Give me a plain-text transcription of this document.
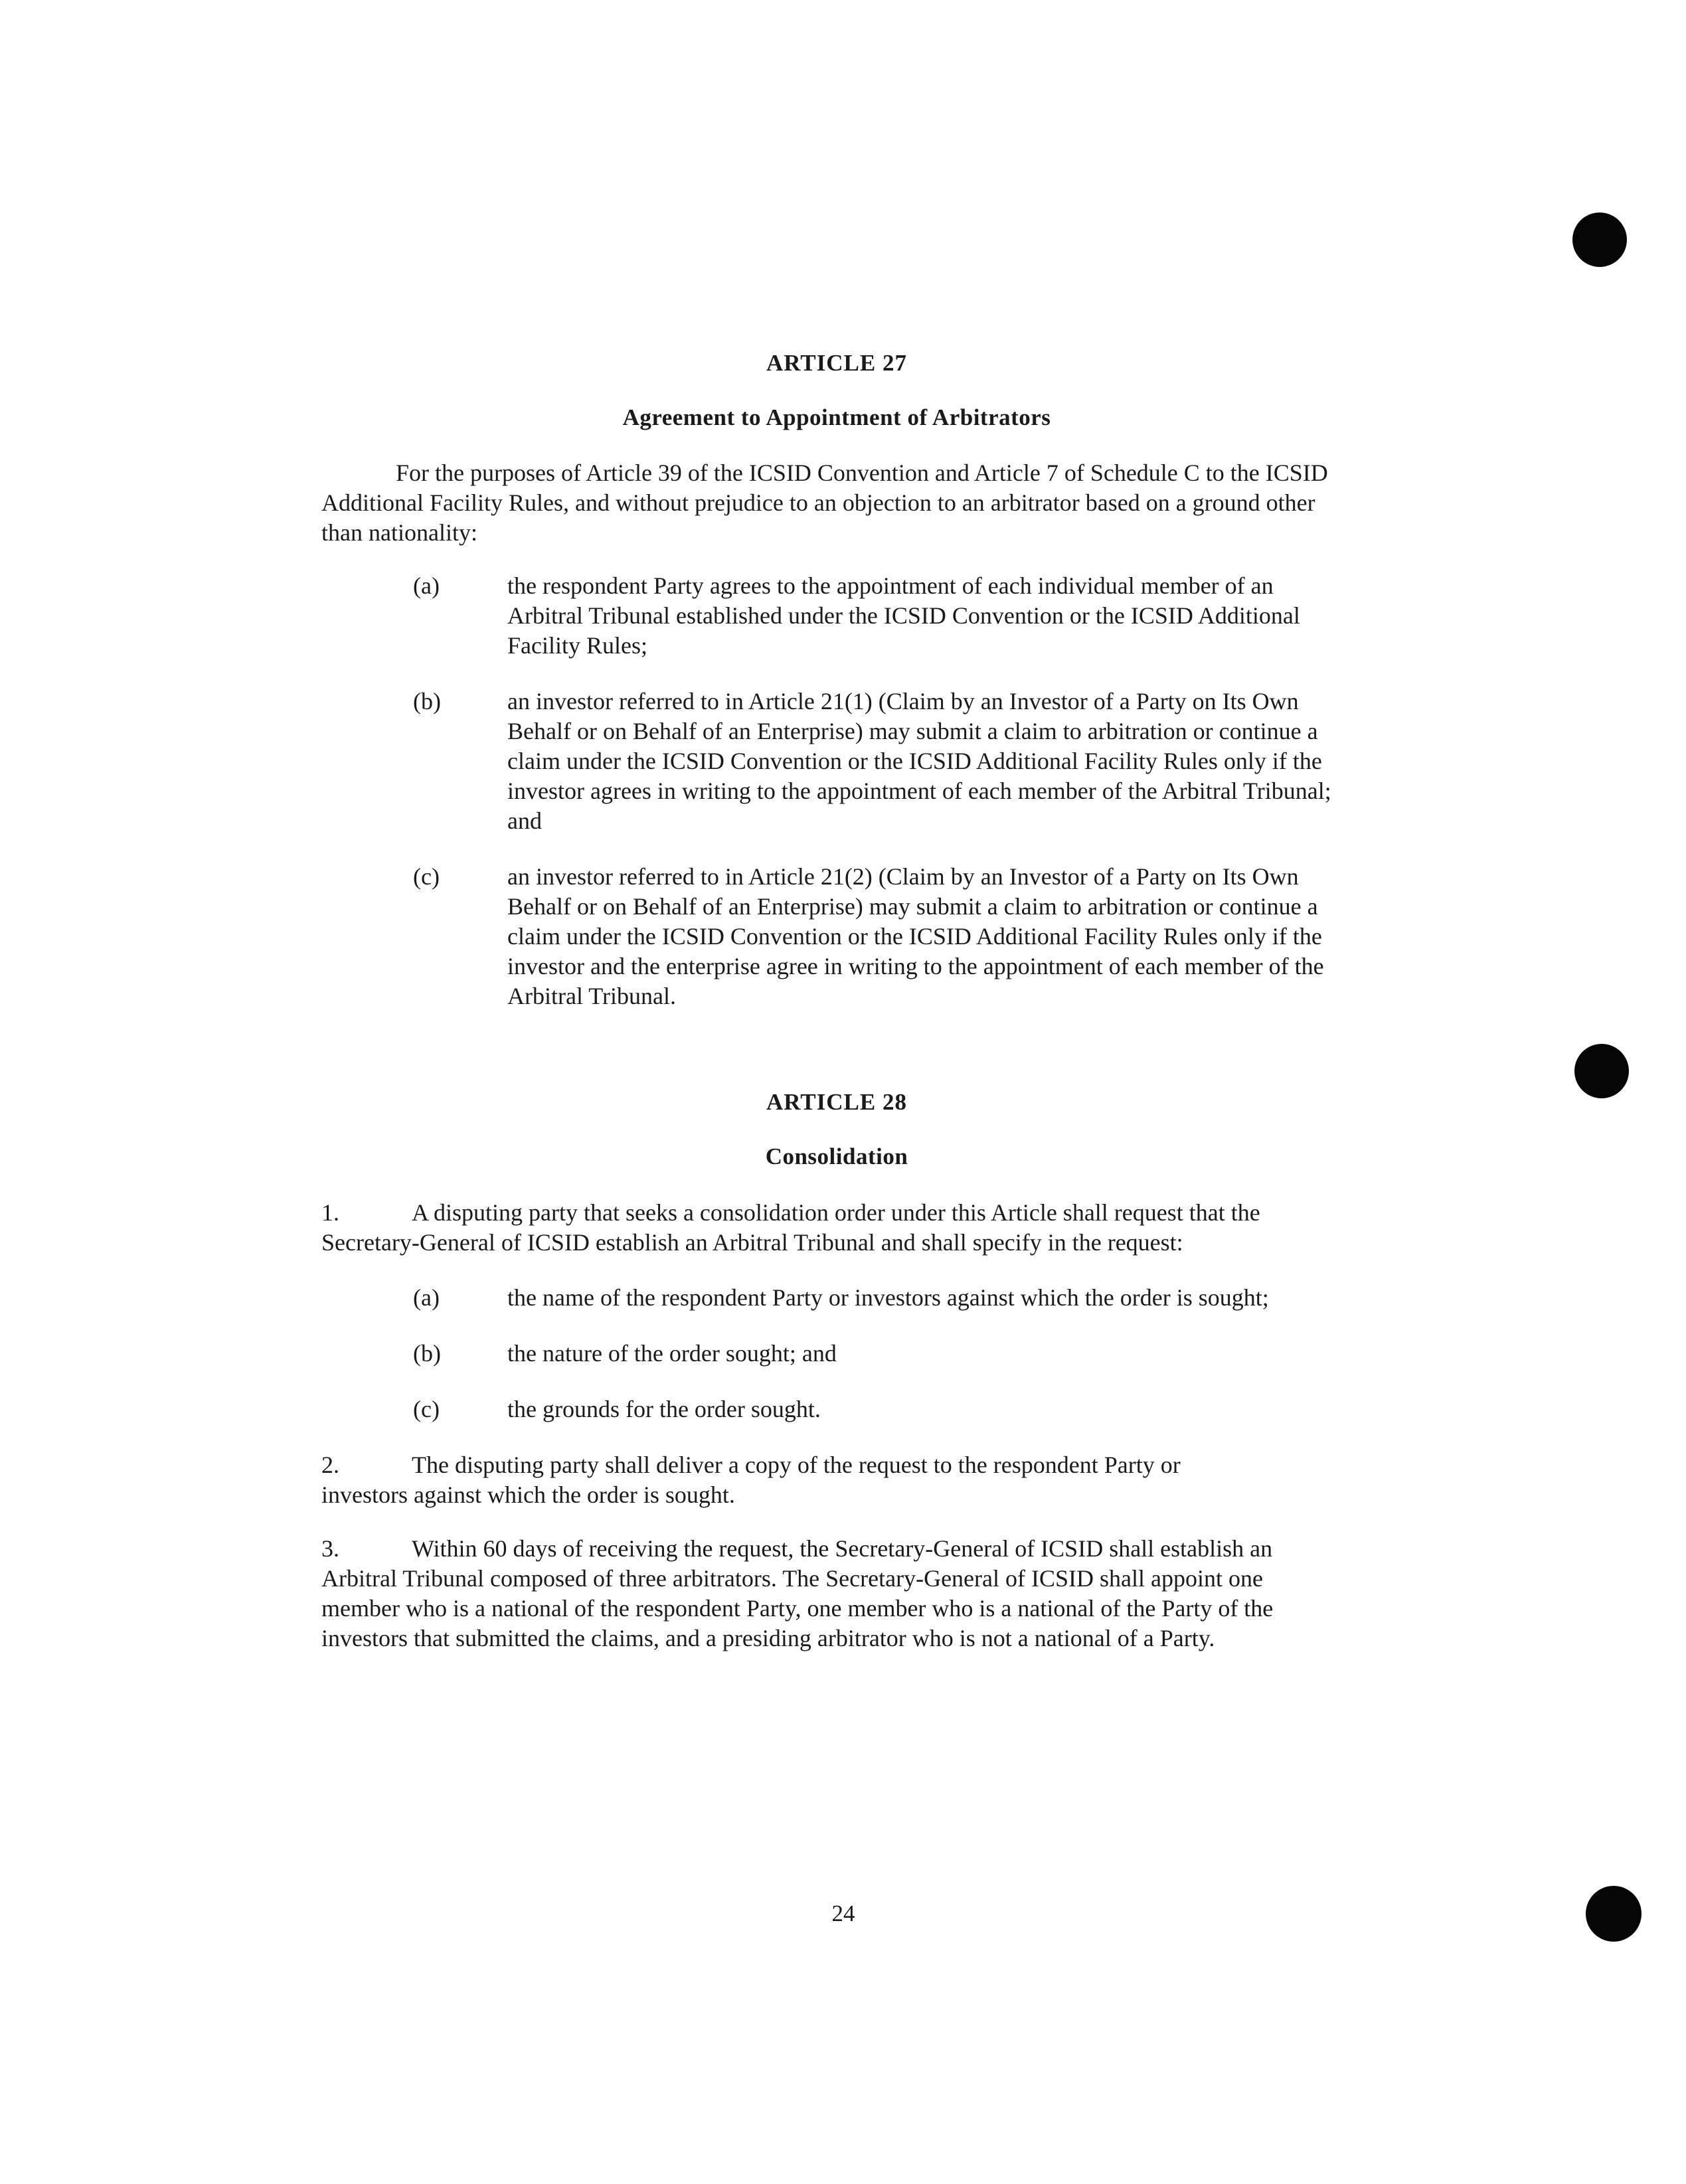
ARTICLE 27
Agreement to Appointment of Arbitrators

For the purposes of Article 39 of the ICSID Convention and Article 7 of Schedule C to the ICSID Additional Facility Rules, and without prejudice to an objection to an arbitrator based on a ground other than nationality:

(a)	the respondent Party agrees to the appointment of each individual member of an Arbitral Tribunal established under the ICSID Convention or the ICSID Additional Facility Rules;
(b)	an investor referred to in Article 21(1) (Claim by an Investor of a Party on Its Own Behalf or on Behalf of an Enterprise) may submit a claim to arbitration or continue a claim under the ICSID Convention or the ICSID Additional Facility Rules only if the investor agrees in writing to the appointment of each member of the Arbitral Tribunal; and
(c)	an investor referred to in Article 21(2) (Claim by an Investor of a Party on Its Own Behalf or on Behalf of an Enterprise) may submit a claim to arbitration or continue a claim under the ICSID Convention or the ICSID Additional Facility Rules only if the investor and the enterprise agree in writing to the appointment of each member of the Arbitral Tribunal.
ARTICLE 28
Consolidation
1.	A disputing party that seeks a consolidation order under this Article shall request that the Secretary-General of ICSID establish an Arbitral Tribunal and shall specify in the request:
(a)	the name of the respondent Party or investors against which the order is sought;
(b)	the nature of the order sought; and
(c)	the grounds for the order sought.
2.	The disputing party shall deliver a copy of the request to the respondent Party or investors against which the order is sought.
3.	Within 60 days of receiving the request, the Secretary-General of ICSID shall establish an Arbitral Tribunal composed of three arbitrators. The Secretary-General of ICSID shall appoint one member who is a national of the respondent Party, one member who is a national of the Party of the investors that submitted the claims, and a presiding arbitrator who is not a national of a Party.
24
